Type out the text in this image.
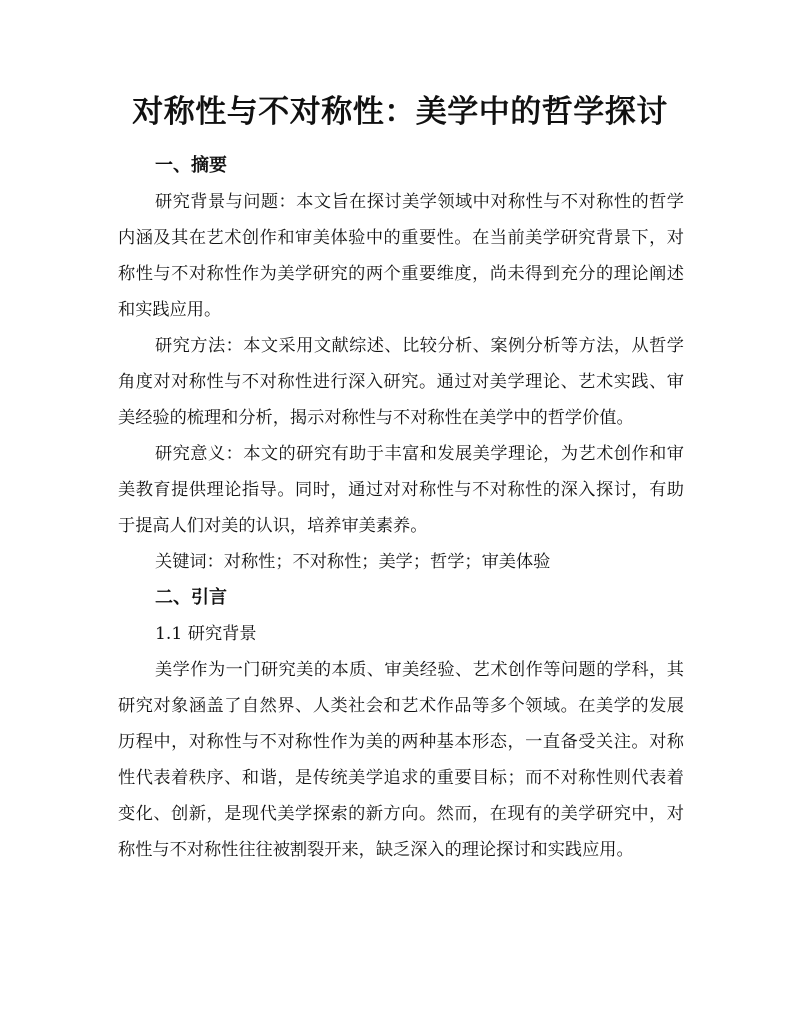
对称性与不对称性：美学中的哲学探讨

一、摘要

研究背景与问题：本文旨在探讨美学领域中对称性与不对称性的哲学内涵及其在艺术创作和审美体验中的重要性。在当前美学研究背景下，对称性与不对称性作为美学研究的两个重要维度，尚未得到充分的理论阐述和实践应用。

研究方法：本文采用文献综述、比较分析、案例分析等方法，从哲学角度对对称性与不对称性进行深入研究。通过对美学理论、艺术实践、审美经验的梳理和分析，揭示对称性与不对称性在美学中的哲学价值。

研究意义：本文的研究有助于丰富和发展美学理论，为艺术创作和审美教育提供理论指导。同时，通过对对称性与不对称性的深入探讨，有助于提高人们对美的认识，培养审美素养。

关键词：对称性；不对称性；美学；哲学；审美体验

二、引言

1.1 研究背景

美学作为一门研究美的本质、审美经验、艺术创作等问题的学科，其研究对象涵盖了自然界、人类社会和艺术作品等多个领域。在美学的发展历程中，对称性与不对称性作为美的两种基本形态，一直备受关注。对称性代表着秩序、和谐，是传统美学追求的重要目标；而不对称性则代表着变化、创新，是现代美学探索的新方向。然而，在现有的美学研究中，对称性与不对称性往往被割裂开来，缺乏深入的理论探讨和实践应用。
